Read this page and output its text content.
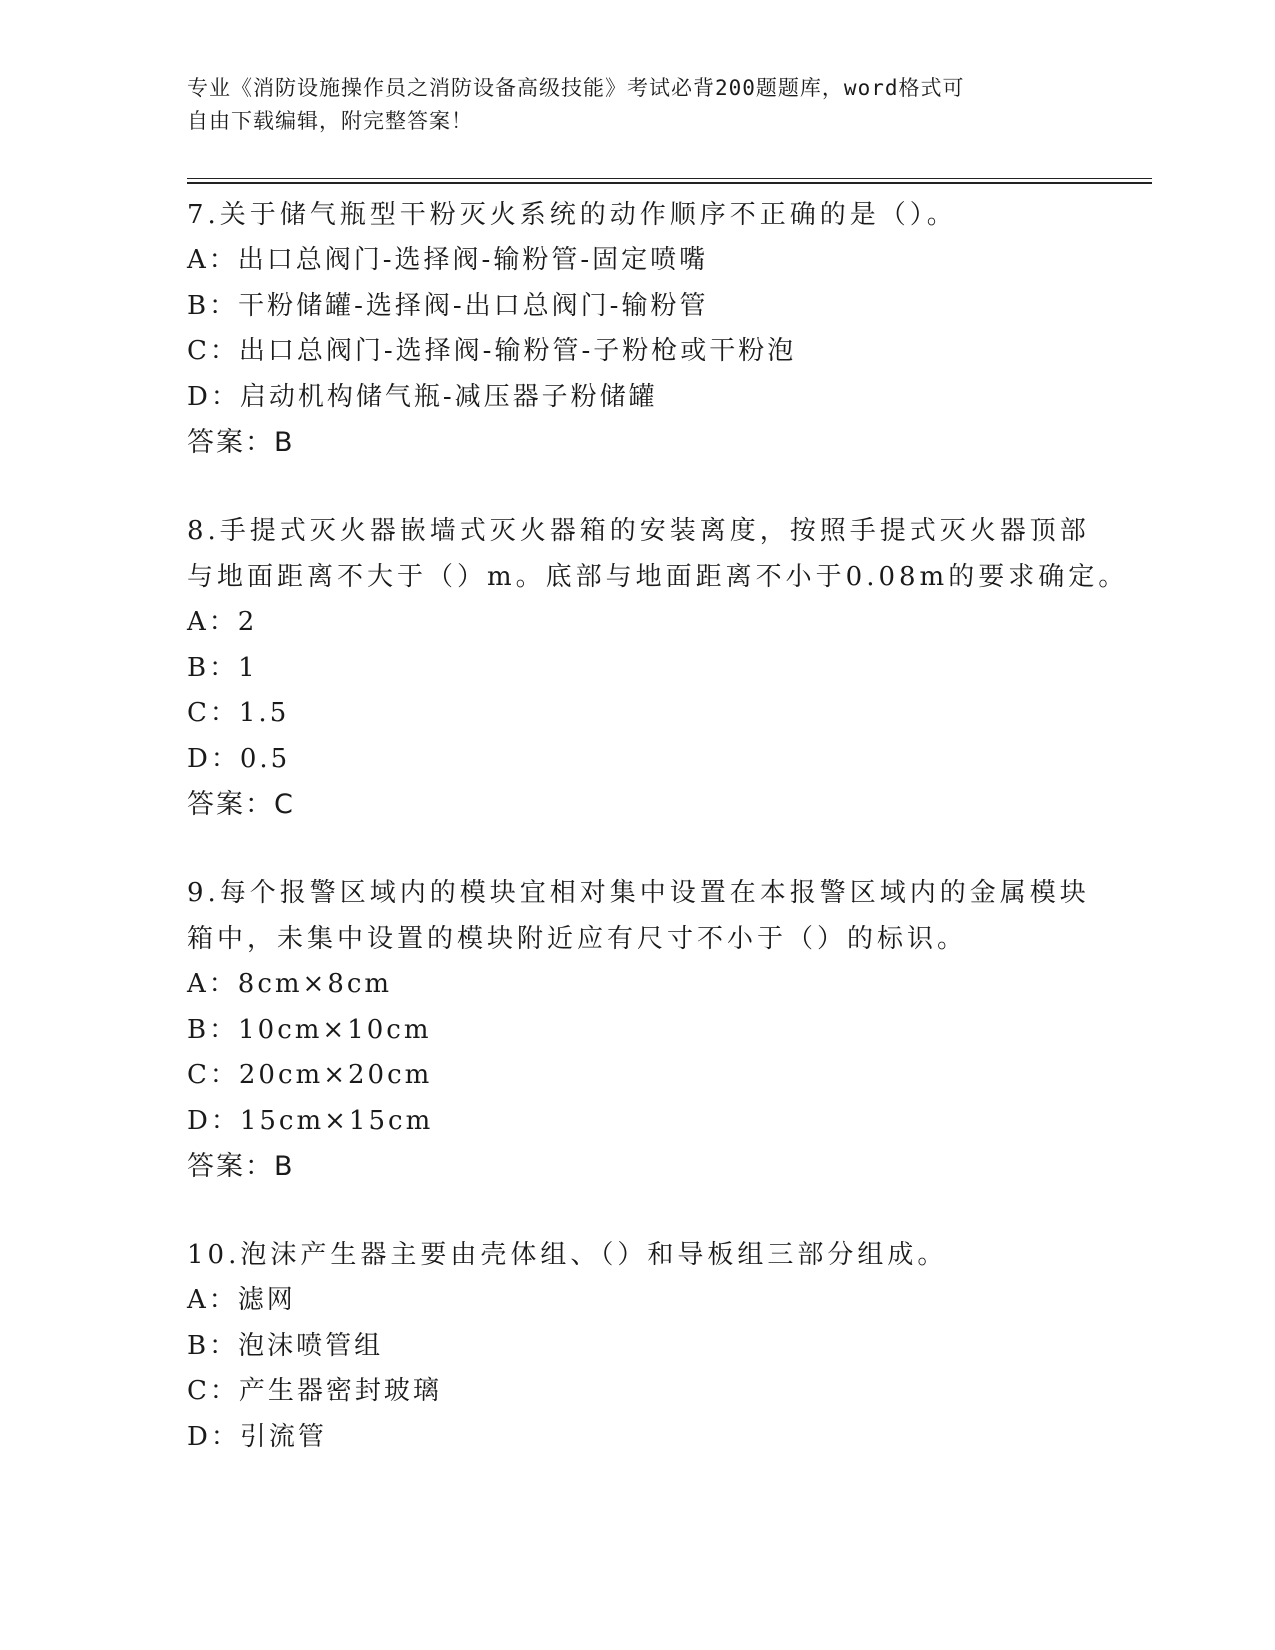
专业《消防设施操作员之消防设备高级技能》考试必背200题题库，word格式可
自由下载编辑，附完整答案！
7.关于储气瓶型干粉灭火系统的动作顺序不正确的是（）。
A：出口总阀门-选择阀-输粉管-固定喷嘴
B：干粉储罐-选择阀-出口总阀门-输粉管
C：出口总阀门-选择阀-输粉管-子粉枪或干粉泡
D：启动机构储气瓶-减压器子粉储罐
答案：B
8.手提式灭火器嵌墙式灭火器箱的安装离度，按照手提式灭火器顶部
与地面距离不大于（）m。底部与地面距离不小于0.08m的要求确定。
A：2
B：1
C：1.5
D：0.5
答案：C
9.每个报警区域内的模块宜相对集中设置在本报警区域内的金属模块
箱中，未集中设置的模块附近应有尺寸不小于（）的标识。
A：8cm×8cm
B：10cm×10cm
C：20cm×20cm
D：15cm×15cm
答案：B
10.泡沫产生器主要由壳体组、（）和导板组三部分组成。
A：滤网
B：泡沫喷管组
C：产生器密封玻璃
D：引流管
